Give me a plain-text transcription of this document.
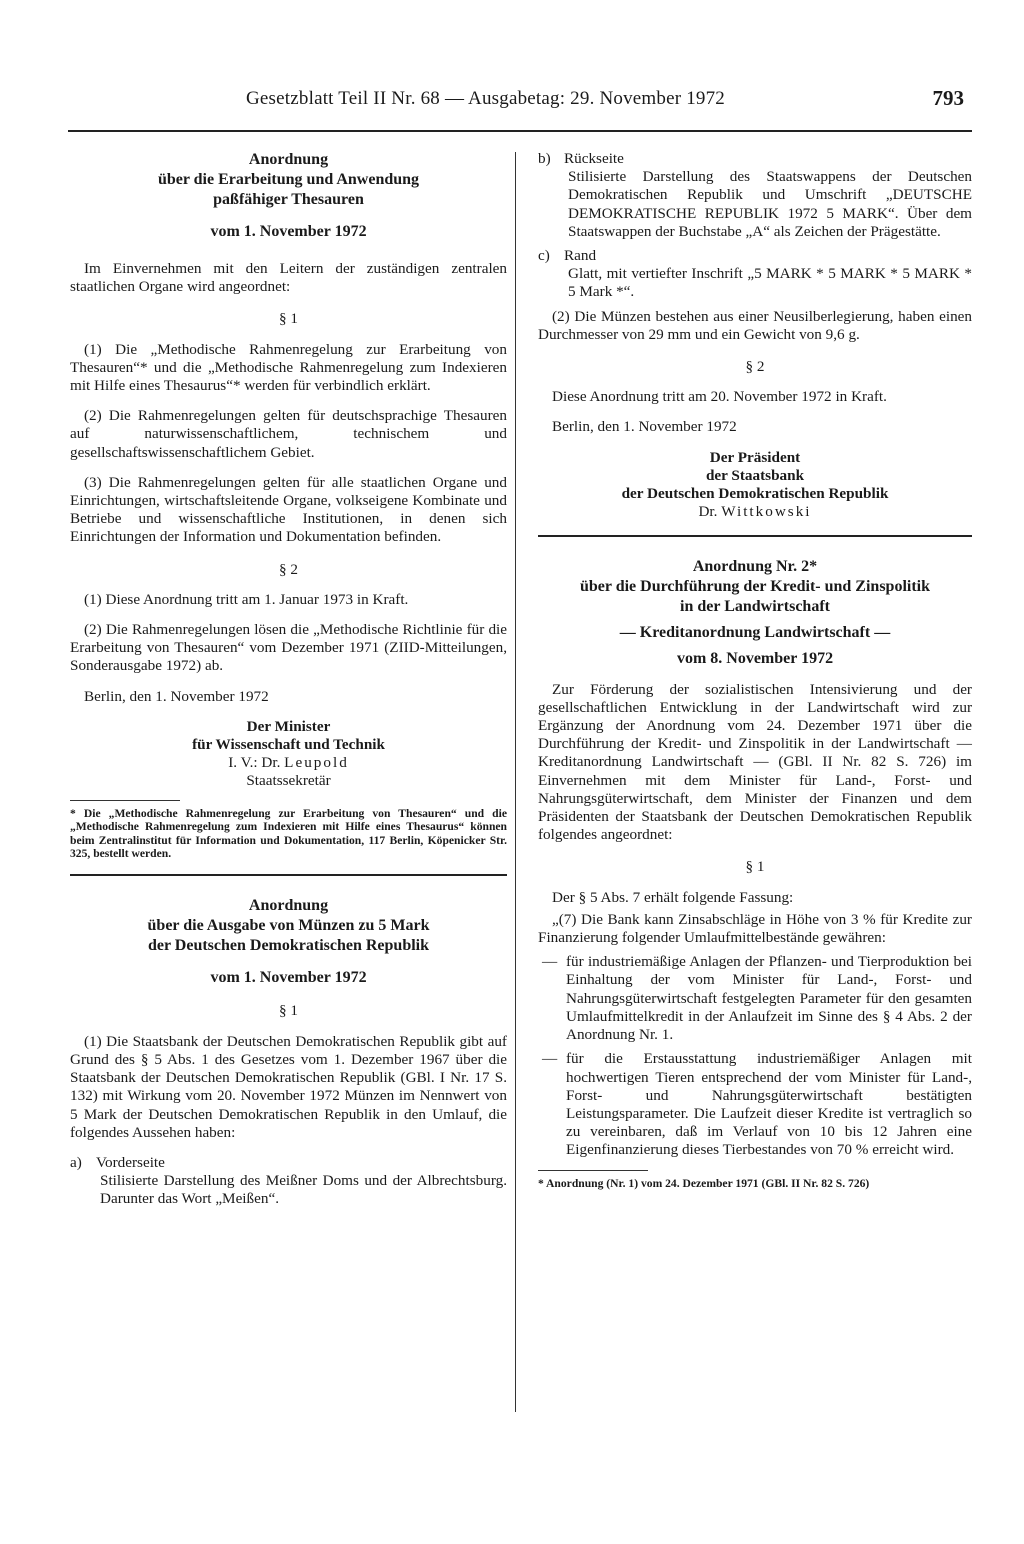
Gesetzblatt Teil II Nr. 68 — Ausgabetag: 29. November 1972	793
Anordnung
über die Erarbeitung und Anwendung
paßfähiger Thesauren
vom 1. November 1972

Im Einvernehmen mit den Leitern der zuständigen zentralen staatlichen Organe wird angeordnet:

§ 1

(1) Die „Methodische Rahmenregelung zur Erarbeitung von Thesauren“* und die „Methodische Rahmenregelung zum Indexieren mit Hilfe eines Thesaurus“* werden für verbindlich erklärt.

(2) Die Rahmenregelungen gelten für deutschsprachige Thesauren auf naturwissenschaftlichem, technischem und gesellschaftswissenschaftlichem Gebiet.

(3) Die Rahmenregelungen gelten für alle staatlichen Organe und Einrichtungen, wirtschaftsleitende Organe, volkseigene Kombinate und Betriebe und wissenschaftliche Institutionen, in denen sich Einrichtungen der Information und Dokumentation befinden.

§ 2

(1) Diese Anordnung tritt am 1. Januar 1973 in Kraft.

(2) Die Rahmenregelungen lösen die „Methodische Richtlinie für die Erarbeitung von Thesauren“ vom Dezember 1971 (ZIID-Mitteilungen, Sonderausgabe 1972) ab.

Berlin, den 1. November 1972

Der Minister
für Wissenschaft und Technik
I. V.: Dr. Leupold
Staatssekretär
* Die „Methodische Rahmenregelung zur Erarbeitung von Thesauren“ und die „Methodische Rahmenregelung zum Indexieren mit Hilfe eines Thesaurus“ können beim Zentralinstitut für Information und Dokumentation, 117 Berlin, Köpenicker Str. 325, bestellt werden.
Anordnung
über die Ausgabe von Münzen zu 5 Mark
der Deutschen Demokratischen Republik
vom 1. November 1972
§ 1

(1) Die Staatsbank der Deutschen Demokratischen Republik gibt auf Grund des § 5 Abs. 1 des Gesetzes vom 1. Dezember 1967 über die Staatsbank der Deutschen Demokratischen Republik (GBl. I Nr. 17 S. 132) mit Wirkung vom 20. November 1972 Münzen im Nennwert von 5 Mark der Deutschen Demokratischen Republik in den Umlauf, die folgendes Aussehen haben:

a) Vorderseite
Stilisierte Darstellung des Meißner Doms und der Albrechtsburg. Darunter das Wort „Meißen“.
b) Rückseite
Stilisierte Darstellung des Staatswappens der Deutschen Demokratischen Republik und Umschrift „DEUTSCHE DEMOKRATISCHE REPUBLIK 1972 5 MARK“. Über dem Staatswappen der Buchstabe „A“ als Zeichen der Prägestätte.
c) Rand
Glatt, mit vertiefter Inschrift „5 MARK * 5 MARK * 5 MARK * 5 Mark *“.

(2) Die Münzen bestehen aus einer Neusilberlegierung, haben einen Durchmesser von 29 mm und ein Gewicht von 9,6 g.

§ 2

Diese Anordnung tritt am 20. November 1972 in Kraft.

Berlin, den 1. November 1972

Der Präsident
der Staatsbank
der Deutschen Demokratischen Republik
Dr. Wittkowski
Anordnung Nr. 2*
über die Durchführung der Kredit- und Zinspolitik
in der Landwirtschaft
— Kreditanordnung Landwirtschaft —
vom 8. November 1972

Zur Förderung der sozialistischen Intensivierung und der gesellschaftlichen Entwicklung in der Landwirtschaft wird zur Ergänzung der Anordnung vom 24. Dezember 1971 über die Durchführung der Kredit- und Zinspolitik in der Landwirtschaft — Kreditanordnung Landwirtschaft — (GBl. II Nr. 82 S. 726) im Einvernehmen mit dem Minister für Land-, Forst- und Nahrungsgüterwirtschaft, dem Minister der Finanzen und dem Präsidenten der Staatsbank der Deutschen Demokratischen Republik folgendes angeordnet:

§ 1

Der § 5 Abs. 7 erhält folgende Fassung:

„(7) Die Bank kann Zinsabschläge in Höhe von 3 % für Kredite zur Finanzierung folgender Umlaufmittelbestände gewähren:

— für industriemäßige Anlagen der Pflanzen- und Tierproduktion bei Einhaltung der vom Minister für Land-, Forst- und Nahrungsgüterwirtschaft festgelegten Parameter für den gesamten Umlaufmittelkredit in der Anlaufzeit im Sinne des § 4 Abs. 2 der Anordnung Nr. 1.
— für die Erstausstattung industriemäßiger Anlagen mit hochwertigen Tieren entsprechend der vom Minister für Land-, Forst- und Nahrungsgüterwirtschaft bestätigten Leistungsparameter. Die Laufzeit dieser Kredite ist vertraglich so zu vereinbaren, daß im Verlauf von 10 bis 12 Jahren eine Eigenfinanzierung dieses Tierbestandes von 70 % erreicht wird.
* Anordnung (Nr. 1) vom 24. Dezember 1971 (GBl. II Nr. 82 S. 726)
